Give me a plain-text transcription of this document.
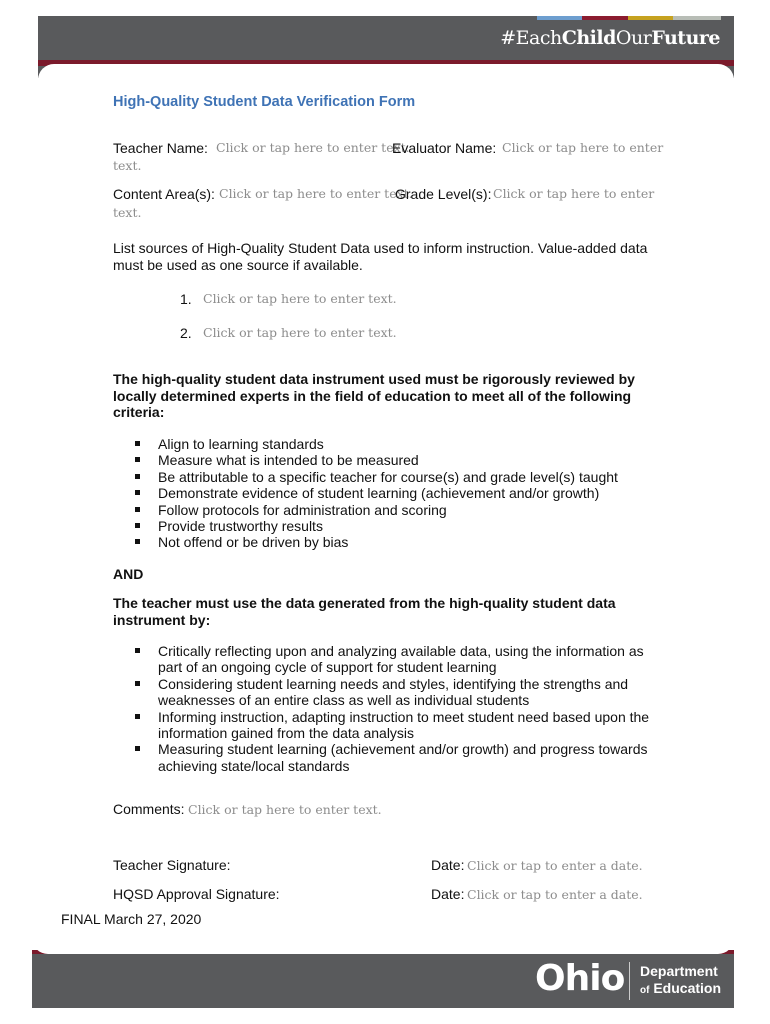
#EachChildOurFuture
High-Quality Student Data Verification Form
Teacher Name: Click or tap here to enter text.
Evaluator Name: Click or tap here to enter
text.
Content Area(s): Click or tap here to enter text.
Grade Level(s): Click or tap here to enter
text.
List sources of High-Quality Student Data used to inform instruction. Value-added data
must be used as one source if available.
1. Click or tap here to enter text.
2. Click or tap here to enter text.
The high-quality student data instrument used must be rigorously reviewed by
locally determined experts in the field of education to meet all of the following
criteria:
Align to learning standards
Measure what is intended to be measured
Be attributable to a specific teacher for course(s) and grade level(s) taught
Demonstrate evidence of student learning (achievement and/or growth)
Follow protocols for administration and scoring
Provide trustworthy results
Not offend or be driven by bias
AND
The teacher must use the data generated from the high-quality student data
instrument by:
Critically reflecting upon and analyzing available data, using the information as
part of an ongoing cycle of support for student learning
Considering student learning needs and styles, identifying the strengths and
weaknesses of an entire class as well as individual students
Informing instruction, adapting instruction to meet student need based upon the
information gained from the data analysis
Measuring student learning (achievement and/or growth) and progress towards
achieving state/local standards
Comments: Click or tap here to enter text.
Teacher Signature:	Date: Click or tap to enter a date.
HQSD Approval Signature:	Date: Click or tap to enter a date.
FINAL March 27, 2020
Ohio Department
of Education
